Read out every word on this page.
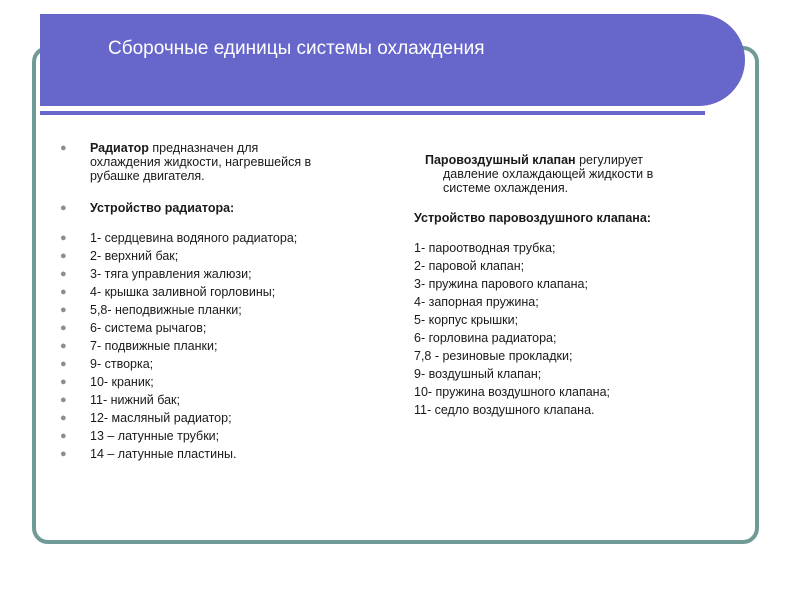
Сборочные единицы системы охлаждения
● Радиатор предназначен для
охлаждения жидкости, нагревшейся в
рубашке двигателя.
● Устройство радиатора:
● 1- сердцевина водяного радиатора;
● 2- верхний бак;
● 3- тяга управления жалюзи;
● 4- крышка заливной горловины;
● 5,8- неподвижные планки;
● 6- система рычагов;
● 7- подвижные планки;
● 9- створка;
● 10- краник;
● 11- нижний бак;
● 12- масляный радиатор;
● 13 – латунные трубки;
● 14 – латунные пластины.
Паровоздушный клапан регулирует
давление охлаждающей жидкости в
системе охлаждения.
Устройство паровоздушного клапана:
1- пароотводная трубка;
2- паровой клапан;
3- пружина парового клапана;
4- запорная пружина;
5- корпус крышки;
6- горловина радиатора;
7,8 - резиновые прокладки;
9- воздушный клапан;
10- пружина воздушного клапана;
11- седло воздушного клапана.
